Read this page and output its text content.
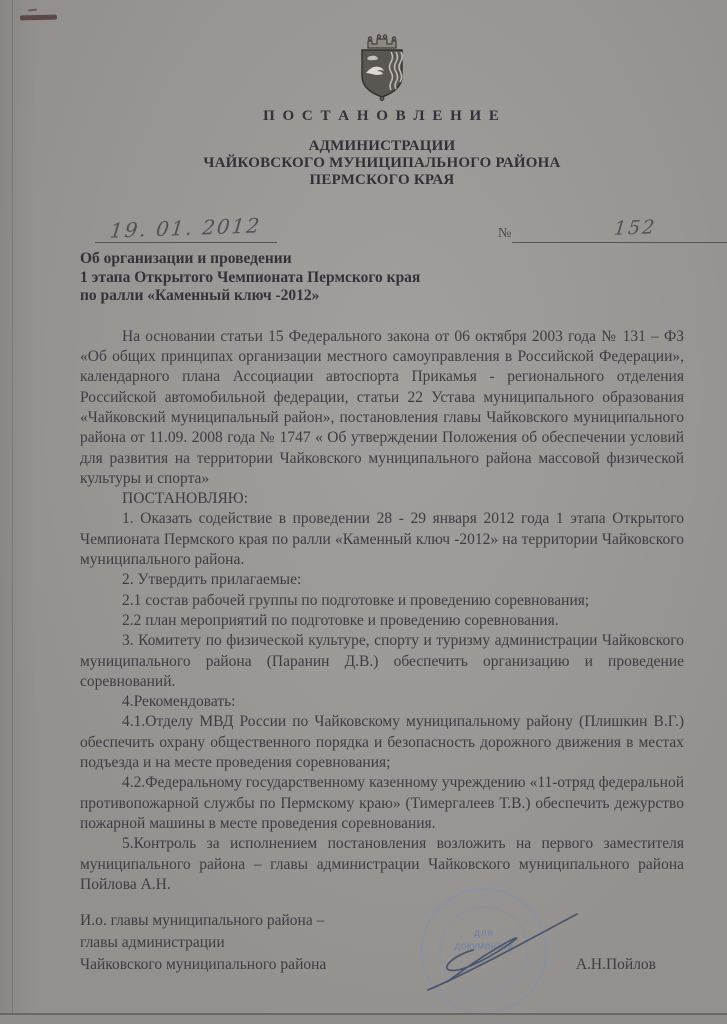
П О С Т А Н О В Л Е Н И Е
АДМИНИСТРАЦИИ
ЧАЙКОВСКОГО МУНИЦИПАЛЬНОГО РАЙОНА
ПЕРМСКОГО КРАЯ
19. 01. 2012	№	152
Об организации и проведении
1 этапа Открытого Чемпионата Пермского края
по ралли «Каменный ключ -2012»

На основании статьи 15 Федерального закона от 06 октября 2003 года № 131 – ФЗ «Об общих принципах организации местного самоуправления в Российской Федерации», календарного плана Ассоциации автоспорта Прикамья - регионального отделения Российской автомобильной федерации, статьи 22 Устава муниципального образования «Чайковский муниципальный район», постановления главы Чайковского муниципального района от 11.09. 2008 года № 1747 « Об утверждении Положения об обеспечении условий для развития на территории Чайковского муниципального района массовой физической культуры и спорта»

ПОСТАНОВЛЯЮ:

1. Оказать содействие в проведении 28 - 29 января 2012 года 1 этапа Открытого Чемпионата Пермского края по ралли «Каменный ключ -2012» на территории Чайковского муниципального района.

2. Утвердить прилагаемые:

2.1 состав рабочей группы по подготовке и проведению соревнования;

2.2 план мероприятий по подготовке и проведению соревнования.

3. Комитету по физической культуре, спорту и туризму администрации Чайковского муниципального района (Паранин Д.В.) обеспечить организацию и проведение соревнований.

4.Рекомендовать:

4.1.Отделу МВД России по Чайковскому муниципальному району (Плишкин В.Г.) обеспечить охрану общественного порядка и безопасность дорожного движения в местах подъезда и на месте проведения соревнования;

4.2.Федеральному государственному казенному учреждению «11-отряд федеральной противопожарной службы по Пермскому краю» (Тимергалеев Т.В.) обеспечить дежурство пожарной машины в месте проведения соревнования.

5.Контроль за исполнением постановления возложить на первого заместителя муниципального района – главы администрации Чайковского муниципального района Пойлова А.Н.

И.о. главы муниципального района –
главы администрации
Чайковского муниципального района	А.Н.Пойлов
для
документов
